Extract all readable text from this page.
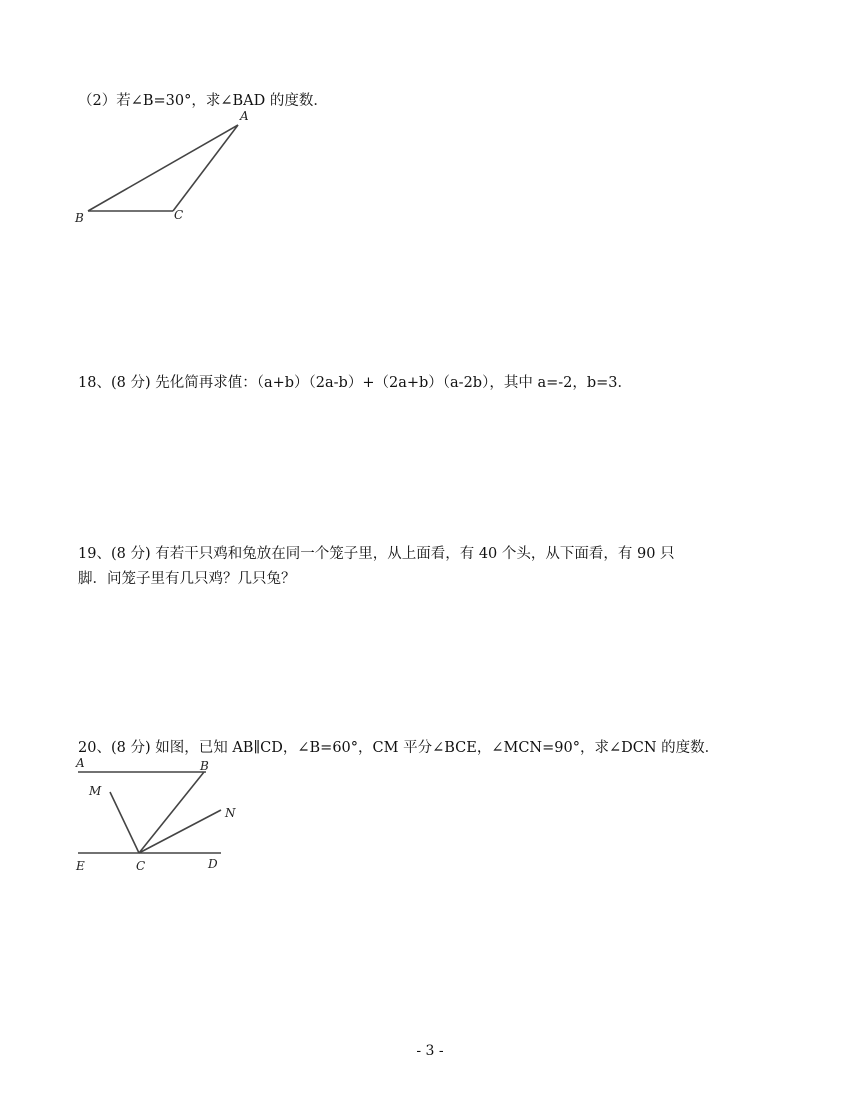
（2）若∠B=30°，求∠BAD 的度数．
A
B	C
18、(8 分) 先化简再求值：（a+b）（2a-b）+（2a+b）（a-2b），其中 a=-2，b=3．
19、(8 分) 有若干只鸡和兔放在同一个笼子里，从上面看，有 40 个头，从下面看，有 90 只
脚．问笼子里有几只鸡？几只兔？
20、(8 分) 如图，已知 AB∥CD，∠B=60°，CM 平分∠BCE，∠MCN=90°，求∠DCN 的度数．
A	B
M
N
E	C	D
- 3 -
